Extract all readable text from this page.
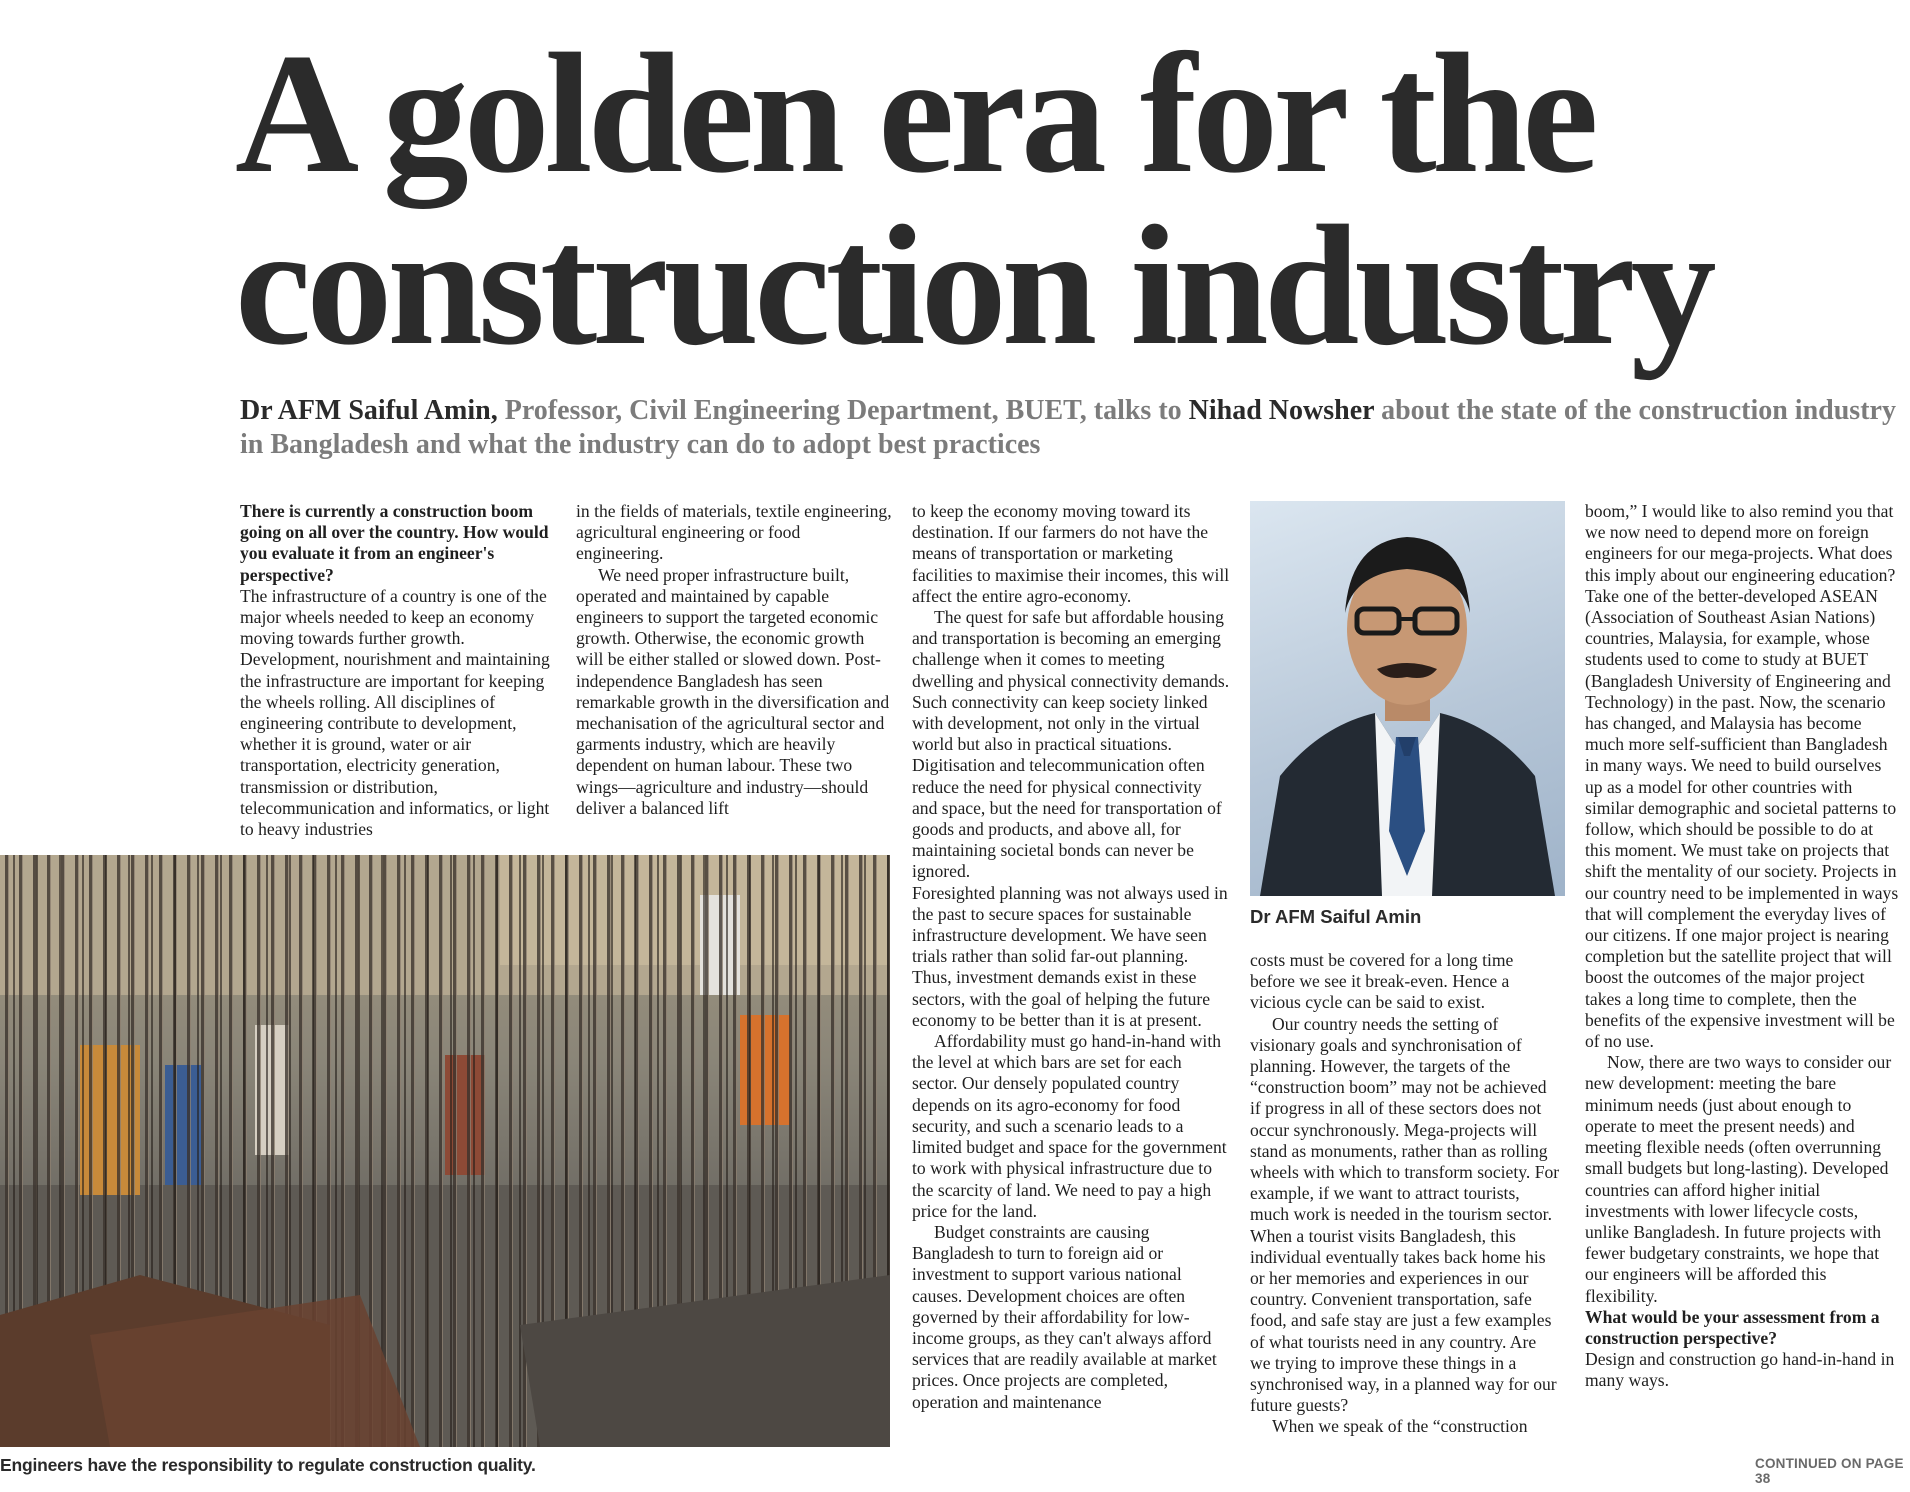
A golden era for the
construction industry

Dr AFM Saiful Amin, Professor, Civil Engineering Department, BUET, talks to Nihad Nowsher about the state of the construction industry in Bangladesh and what the industry can do to adopt best practices

There is currently a construction boom going on all over the country. How would you evaluate it from an engineer's perspective?

The infrastructure of a country is one of the major wheels needed to keep an economy moving towards further growth. Development, nourishment and maintaining the infrastructure are important for keeping the wheels rolling. All disciplines of engineering contribute to development, whether it is ground, water or air transportation, electricity generation, transmission or distribution, telecommunication and informatics, or light to heavy industries

in the fields of materials, textile engineering, agricultural engineering or food engineering.

We need proper infrastructure built, operated and maintained by capable engineers to support the targeted economic growth. Otherwise, the economic growth will be either stalled or slowed down. Post-independence Bangladesh has seen remarkable growth in the diversification and mechanisation of the agricultural sector and garments industry, which are heavily dependent on human labour. These two wings—agriculture and industry—should deliver a balanced lift

to keep the economy moving toward its destination. If our farmers do not have the means of transportation or marketing facilities to maximise their incomes, this will affect the entire agro-economy.

The quest for safe but affordable housing and transportation is becoming an emerging challenge when it comes to meeting dwelling and physical connectivity demands. Such connectivity can keep society linked with development, not only in the virtual world but also in practical situations. Digitisation and telecommunication often reduce the need for physical connectivity and space, but the need for transportation of goods and products, and above all, for maintaining societal bonds can never be ignored.

Foresighted planning was not always used in the past to secure spaces for sustainable infrastructure development. We have seen trials rather than solid far-out planning. Thus, investment demands exist in these sectors, with the goal of helping the future economy to be better than it is at present.

Affordability must go hand-in-hand with the level at which bars are set for each sector. Our densely populated country depends on its agro-economy for food security, and such a scenario leads to a limited budget and space for the government to work with physical infrastructure due to the scarcity of land. We need to pay a high price for the land.

Budget constraints are causing Bangladesh to turn to foreign aid or investment to support various national causes. Development choices are often governed by their affordability for low-income groups, as they can't always afford services that are readily available at market prices. Once projects are completed, operation and maintenance

Dr AFM Saiful Amin

costs must be covered for a long time before we see it break-even. Hence a vicious cycle can be said to exist.

Our country needs the setting of visionary goals and synchronisation of planning. However, the targets of the “construction boom” may not be achieved if progress in all of these sectors does not occur synchronously. Mega-projects will stand as monuments, rather than as rolling wheels with which to transform society. For example, if we want to attract tourists, much work is needed in the tourism sector. When a tourist visits Bangladesh, this individual eventually takes back home his or her memories and experiences in our country. Convenient transportation, safe food, and safe stay are just a few examples of what tourists need in any country. Are we trying to improve these things in a synchronised way, in a planned way for our future guests?

When we speak of the “construction

boom,” I would like to also remind you that we now need to depend more on foreign engineers for our mega-projects. What does this imply about our engineering education? Take one of the better-developed ASEAN (Association of Southeast Asian Nations) countries, Malaysia, for example, whose students used to come to study at BUET (Bangladesh University of Engineering and Technology) in the past. Now, the scenario has changed, and Malaysia has become much more self-sufficient than Bangladesh in many ways. We need to build ourselves up as a model for other countries with similar demographic and societal patterns to follow, which should be possible to do at this moment. We must take on projects that shift the mentality of our society. Projects in our country need to be implemented in ways that will complement the everyday lives of our citizens. If one major project is nearing completion but the satellite project that will boost the outcomes of the major project takes a long time to complete, then the benefits of the expensive investment will be of no use.

Now, there are two ways to consider our new development: meeting the bare minimum needs (just about enough to operate to meet the present needs) and meeting flexible needs (often overrunning small budgets but long-lasting). Developed countries can afford higher initial investments with lower lifecycle costs, unlike Bangladesh. In future projects with fewer budgetary constraints, we hope that our engineers will be afforded this flexibility.

What would be your assessment from a construction perspective?

Design and construction go hand-in-hand in many ways.

Engineers have the responsibility to regulate construction quality.	CONTINUED ON PAGE 38
